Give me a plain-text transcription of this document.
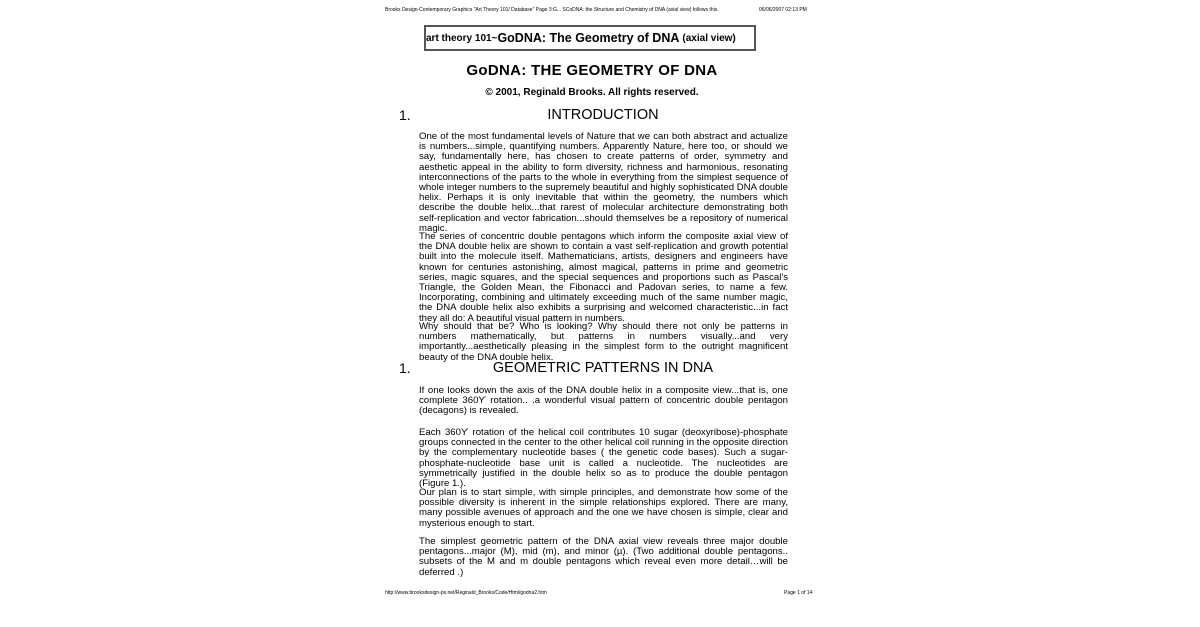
Brooks Design-Contemporary Graphics "Art Theory 101/ Database" Page 3:G... SCoDNA: the Structure and Chemistry of DNA (axial view) follows this.	06/06/2007 02:13 PM
http://www.brooksdesign-ps.net/Reginald_Brooks/Code/Html/godna2.htm	Page 1 of 14
art theory 101~ GoDNA: The Geometry of DNA (axial view)
GoDNA: THE GEOMETRY OF DNA
© 2001, Reginald Brooks. All rights reserved.
1.	INTRODUCTION

One of the most fundamental levels of Nature that we can both abstract and actualize is numbers...simple, quantifying numbers. Apparently Nature, here too, or should we say, fundamentally here, has chosen to create patterns of order, symmetry and aesthetic appeal in the ability to form diversity, richness and harmonious, resonating interconnections of the parts to the whole in everything from the simplest sequence of whole integer numbers to the supremely beautiful and highly sophisticated DNA double helix. Perhaps it is only inevitable that within the geometry, the numbers which describe the double helix...that rarest of molecular architecture demonstrating both self-replication and vector fabrication...should themselves be a repository of numerical magic.

The series of concentric double pentagons which inform the composite axial view of the DNA double helix are shown to contain a vast self-replication and growth potential built into the molecule itself. Mathematicians, artists, designers and engineers have known for centuries astonishing, almost magical, patterns in prime and geometric series, magic squares, and the special sequences and proportions such as Pascal's Triangle, the Golden Mean, the Fibonacci and Padovan series, to name a few. Incorporating, combining and ultimately exceeding much of the same number magic, the DNA double helix also exhibits a surprising and welcomed characteristic...in fact they all do: A beautiful visual pattern in numbers.

Why should that be? Who is looking? Why should there not only be patterns in numbers mathematically, but patterns in numbers visually...and very importantly...aesthetically pleasing in the simplest form to the outright magnificent beauty of the DNA double helix.

1.	GEOMETRIC PATTERNS IN DNA

If one looks down the axis of the DNA double helix in a composite view...that is, one complete 360ϒ rotation.. .a wonderful visual pattern of concentric double pentagon (decagons) is revealed.

Each 360ϒ rotation of the helical coil contributes 10 sugar (deoxyribose)-phosphate groups connected in the center to the other helical coil running in the opposite direction by the complementary nucleotide bases ( the genetic code bases). Such a sugar-phosphate-nucleotide base unit is called a nucleotide. The nucleotides are symmetrically justified in the double helix so as to produce the double pentagon (Figure 1.).

Our plan is to start simple, with simple principles, and demonstrate how some of the possible diversity is inherent in the simple relationships explored. There are many, many possible avenues of approach and the one we have chosen is simple, clear and mysterious enough to start.

The simplest geometric pattern of the DNA axial view reveals three major double pentagons...major (M), mid (m), and minor (µ). (Two additional double pentagons.. subsets of the M and m double pentagons which reveal even more detail…will be deferred .)
